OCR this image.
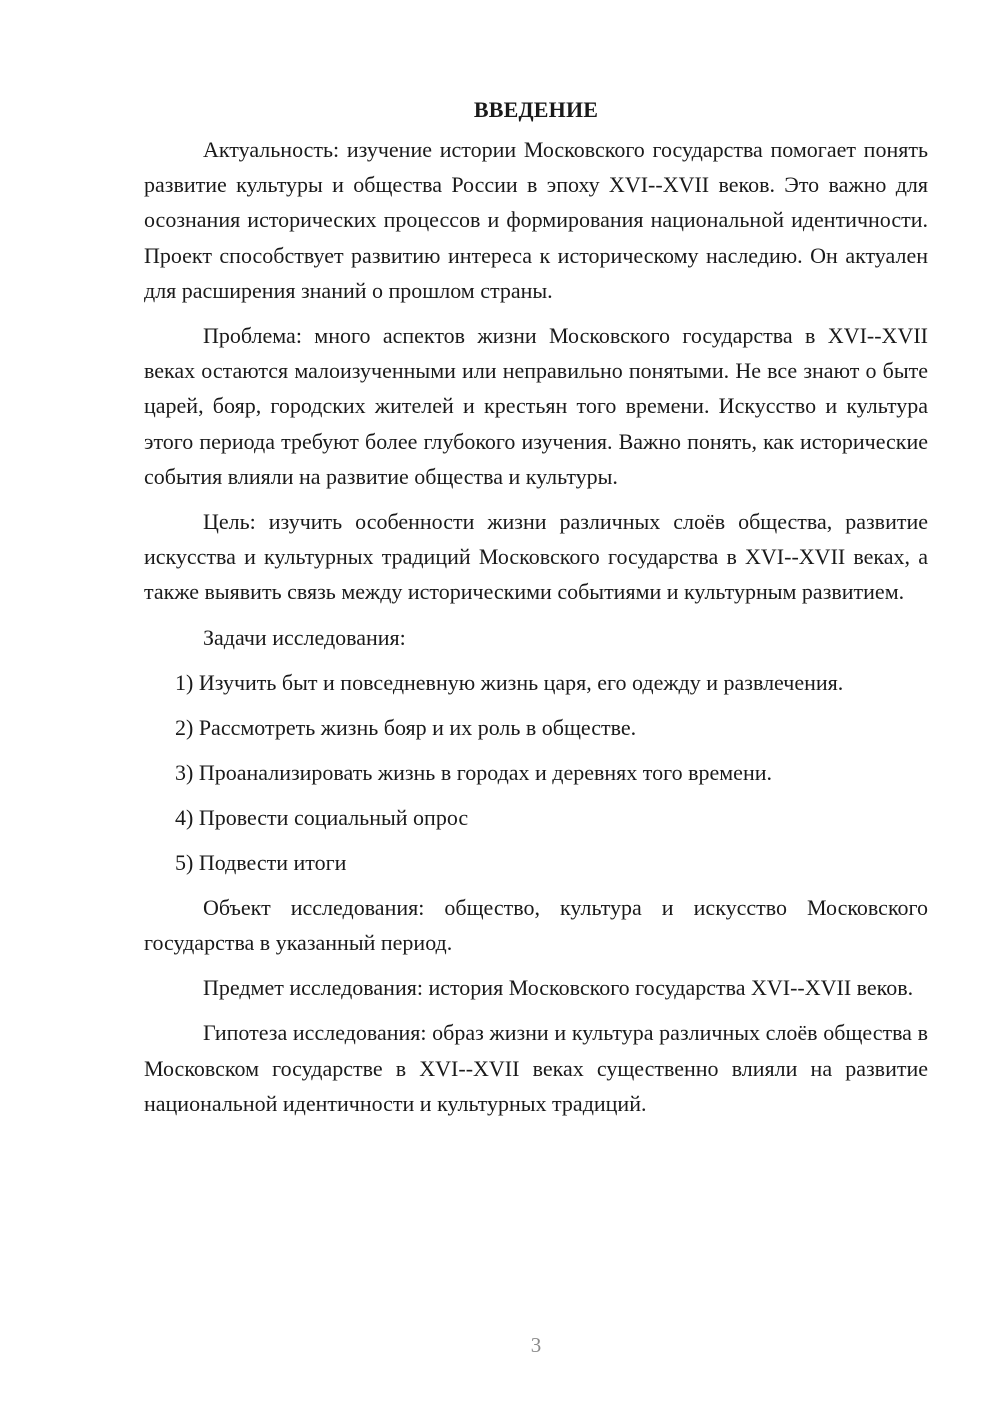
ВВЕДЕНИЕ

Актуальность: изучение истории Московского государства помогает понять развитие культуры и общества России в эпоху XVI--XVII веков. Это важно для осознания исторических процессов и формирования национальной идентичности. Проект способствует развитию интереса к историческому наследию. Он актуален для расширения знаний о прошлом страны.

Проблема: много аспектов жизни Московского государства в XVI--XVII веках остаются малоизученными или неправильно понятыми. Не все знают о быте царей, бояр, городских жителей и крестьян того времени. Искусство и культура этого периода требуют более глубокого изучения. Важно понять, как исторические события влияли на развитие общества и культуры.

Цель: изучить особенности жизни различных слоёв общества, развитие искусства и культурных традиций Московского государства в XVI--XVII веках, а также выявить связь между историческими событиями и культурным развитием.

Задачи исследования:

1) Изучить быт и повседневную жизнь царя, его одежду и развлечения.
2) Рассмотреть жизнь бояр и их роль в обществе.
3) Проанализировать жизнь в городах и деревнях того времени.
4) Провести социальный опрос
5) Подвести итоги

Объект исследования: общество, культура и искусство Московского государства в указанный период.

Предмет исследования: история Московского государства XVI--XVII веков.

Гипотеза исследования: образ жизни и культура различных слоёв общества в Московском государстве в XVI--XVII веках существенно влияли на развитие национальной идентичности и культурных традиций.

3
